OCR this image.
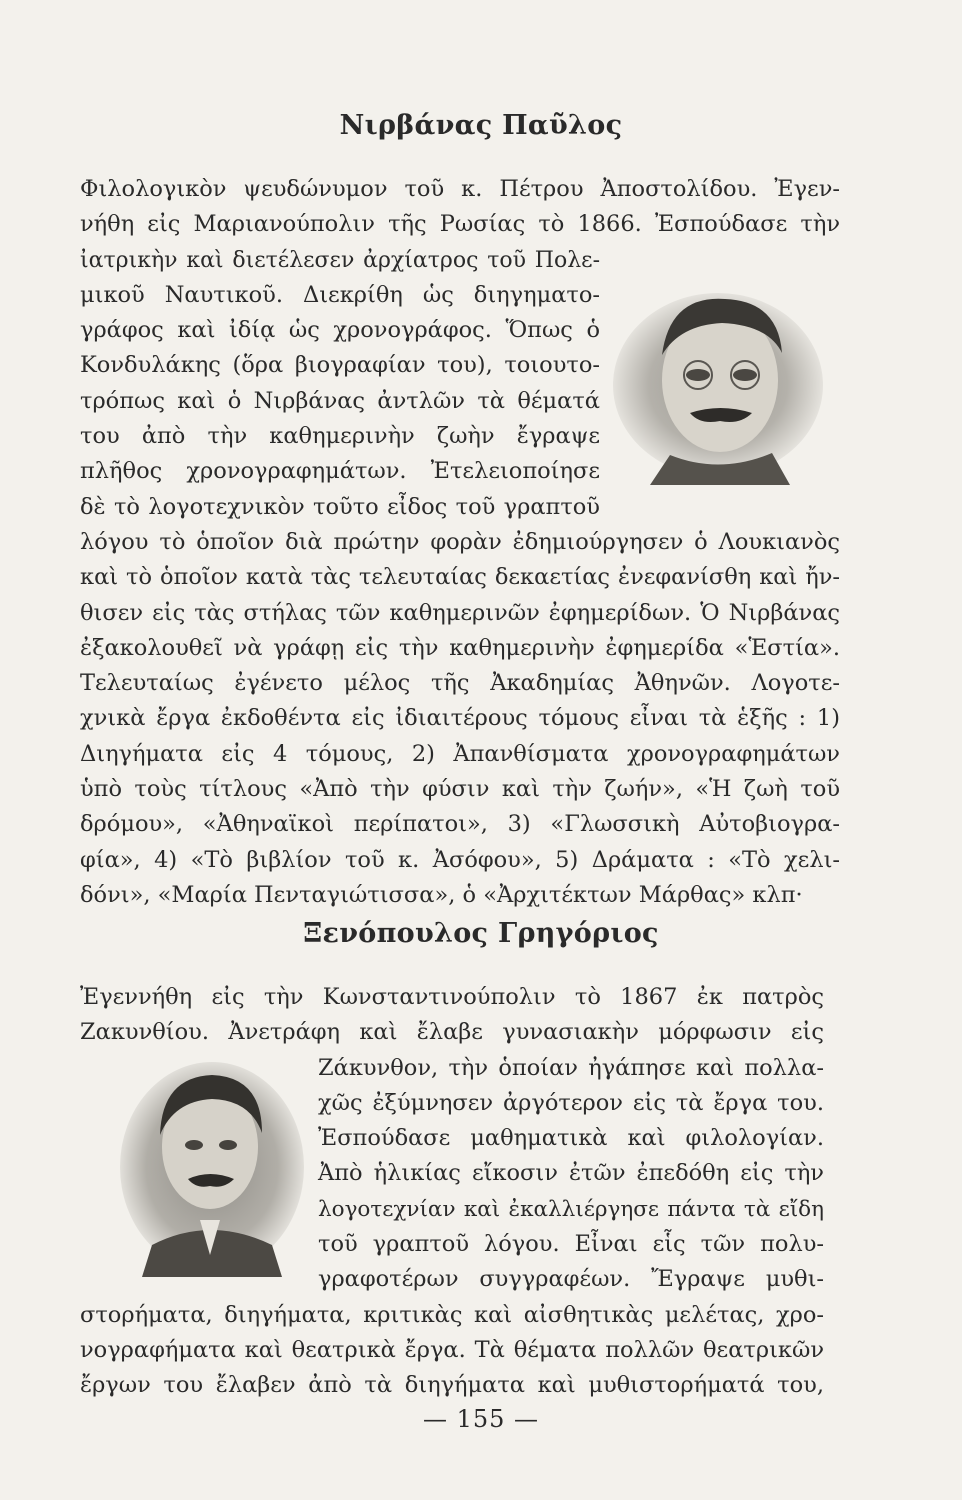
Νιρβάνας Παῦλος
Φιλολογικὸν ψευδώνυμον τοῦ κ. Πέτρου Ἀποστολίδου. Ἐγεν-
νήθη εἰς Μαριανούπολιν τῆς Ρωσίας τὸ 1866. Ἐσπούδασε τὴν
ἰατρικὴν καὶ διετέλεσεν ἀρχίατρος τοῦ Πολε-
μικοῦ Ναυτικοῦ. Διεκρίθη ὡς διηγηματο-
γράφος καὶ ἰδίᾳ ὡς χρονογράφος. Ὅπως ὁ
Κονδυλάκης (ὅρα βιογραφίαν του), τοιουτο-
τρόπως καὶ ὁ Νιρβάνας ἀντλῶν τὰ θέματά
του ἀπὸ τὴν καθημερινὴν ζωὴν ἔγραψε
πλῆθος χρονογραφημάτων. Ἐτελειοποίησε
δὲ τὸ λογοτεχνικὸν τοῦτο εἶδος τοῦ γραπτοῦ
λόγου τὸ ὁποῖον διὰ πρώτην φορὰν ἐδημιούργησεν ὁ Λουκιανὸς
καὶ τὸ ὁποῖον κατὰ τὰς τελευταίας δεκαετίας ἐνεφανίσθη καὶ ἤν-
θισεν εἰς τὰς στήλας τῶν καθημερινῶν ἐφημερίδων. Ὁ Νιρβάνας
ἐξακολουθεῖ νὰ γράφῃ εἰς τὴν καθημερινὴν ἐφημερίδα «Ἑστία».
Τελευταίως ἐγένετο μέλος τῆς Ἀκαδημίας Ἀθηνῶν. Λογοτε-
χνικὰ ἔργα ἐκδοθέντα εἰς ἰδιαιτέρους τόμους εἶναι τὰ ἑξῆς : 1)
Διηγήματα εἰς 4 τόμους, 2) Ἀπανθίσματα χρονογραφημάτων
ὑπὸ τοὺς τίτλους «Ἀπὸ τὴν φύσιν καὶ τὴν ζωήν», «Ἡ ζωὴ τοῦ
δρόμου», «Ἀθηναϊκοὶ περίπατοι», 3) «Γλωσσικὴ Αὐτοβιογρα-
φία», 4) «Τὸ βιβλίον τοῦ κ. Ἀσόφου», 5) Δράματα : «Τὸ χελι-
δόνι», «Μαρία Πενταγιώτισσα», ὁ «Ἀρχιτέκτων Μάρθας» κλπ·
Ξενόπουλος Γρηγόριος
Ἐγεννήθη εἰς τὴν Κωνσταντινούπολιν τὸ 1867 ἐκ πατρὸς
Ζακυνθίου. Ἀνετράφη καὶ ἔλαβε γυνασιακὴν μόρφωσιν εἰς
Ζάκυνθον, τὴν ὁποίαν ἠγάπησε καὶ πολλα-
χῶς ἐξύμνησεν ἀργότερον εἰς τὰ ἔργα του.
Ἐσπούδασε μαθηματικὰ καὶ φιλολογίαν.
Ἀπὸ ἡλικίας εἴκοσιν ἐτῶν ἐπεδόθη εἰς τὴν
λογοτεχνίαν καὶ ἐκαλλιέργησε πάντα τὰ εἴδη
τοῦ γραπτοῦ λόγου. Εἶναι εἷς τῶν πολυ-
γραφοτέρων συγγραφέων. Ἔγραψε μυθι-
στορήματα, διηγήματα, κριτικὰς καὶ αἰσθητικὰς μελέτας, χρο-
νογραφήματα καὶ θεατρικὰ ἔργα. Τὰ θέματα πολλῶν θεατρικῶν
ἔργων του ἔλαβεν ἀπὸ τὰ διηγήματα καὶ μυθιστορήματά του,
— 155 —
